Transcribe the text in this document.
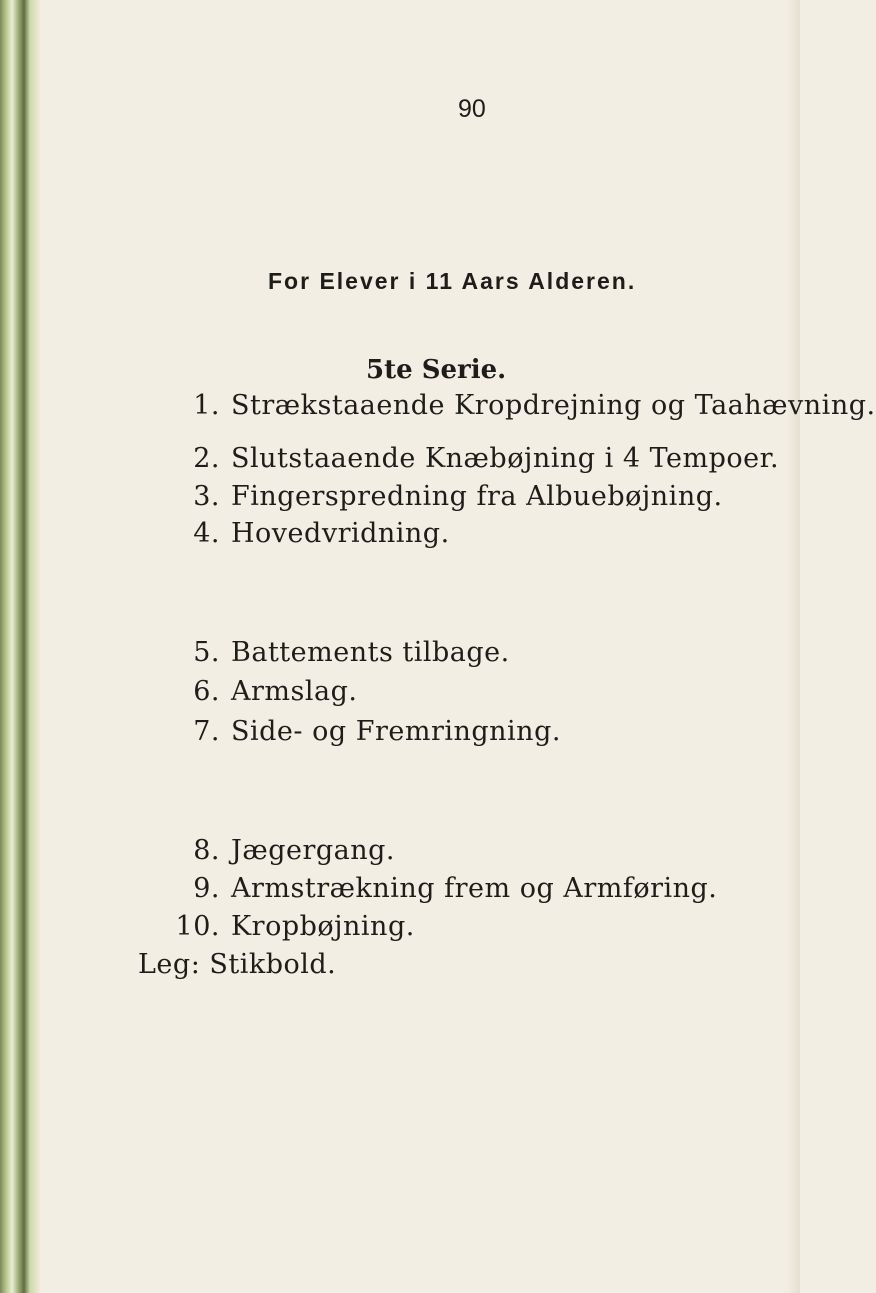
90
For Elever i 11 Aars Alderen.
5te Serie.
1. Strækstaaende Kropdrejning og Taahævning.
2. Slutstaaende Knæbøjning i 4 Tempoer.
3. Fingerspredning fra Albuebøjning.
4. Hovedvridning.
5. Battements tilbage.
6. Armslag.
7. Side- og Fremringning.
8. Jægergang.
9. Armstrækning frem og Armføring.
10. Kropbøjning.
Leg: Stikbold.
